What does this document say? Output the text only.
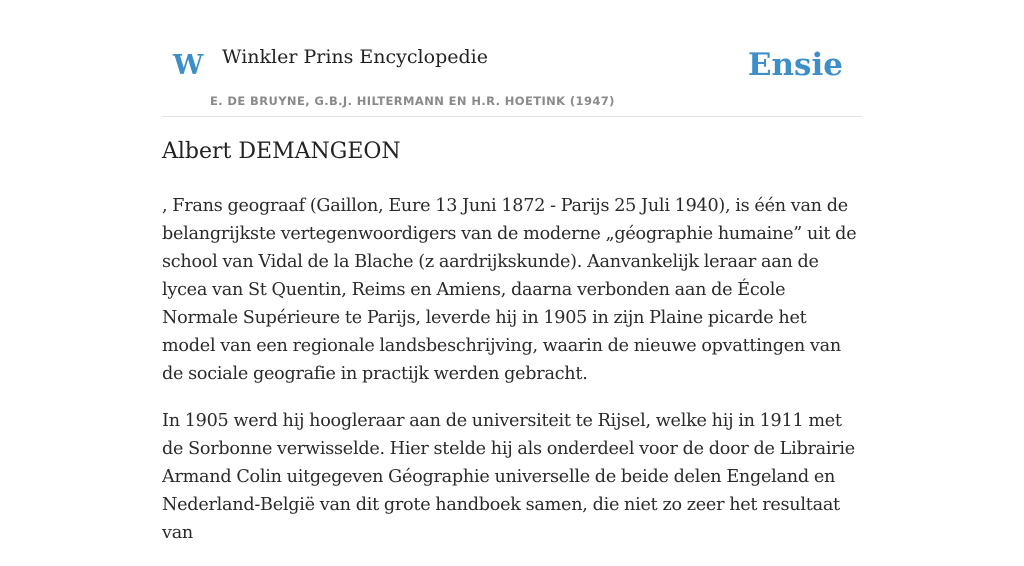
W Winkler Prins Encyclopedie
E. DE BRUYNE, G.B.J. HILTERMANN EN H.R. HOETINK (1947)
Ensie
Albert DEMANGEON

, Frans geograaf (Gaillon, Eure 13 Juni 1872 - Parijs 25 Juli 1940), is één van de belangrijkste vertegenwoordigers van de moderne „géographie humaine” uit de school van Vidal de la Blache (z aardrijkskunde). Aanvankelijk leraar aan de lycea van St Quentin, Reims en Amiens, daarna verbonden aan de École Normale Supérieure te Parijs, leverde hij in 1905 in zijn Plaine picarde het model van een regionale landsbeschrijving, waarin de nieuwe opvattingen van de sociale geografie in practijk werden gebracht.

In 1905 werd hij hoogleraar aan de universiteit te Rijsel, welke hij in 1911 met de Sorbonne verwisselde. Hier stelde hij als onderdeel voor de door de Librairie Armand Colin uitgegeven Géographie universelle de beide delen Engeland en Nederland-België van dit grote handboek samen, die niet zo zeer het resultaat van
